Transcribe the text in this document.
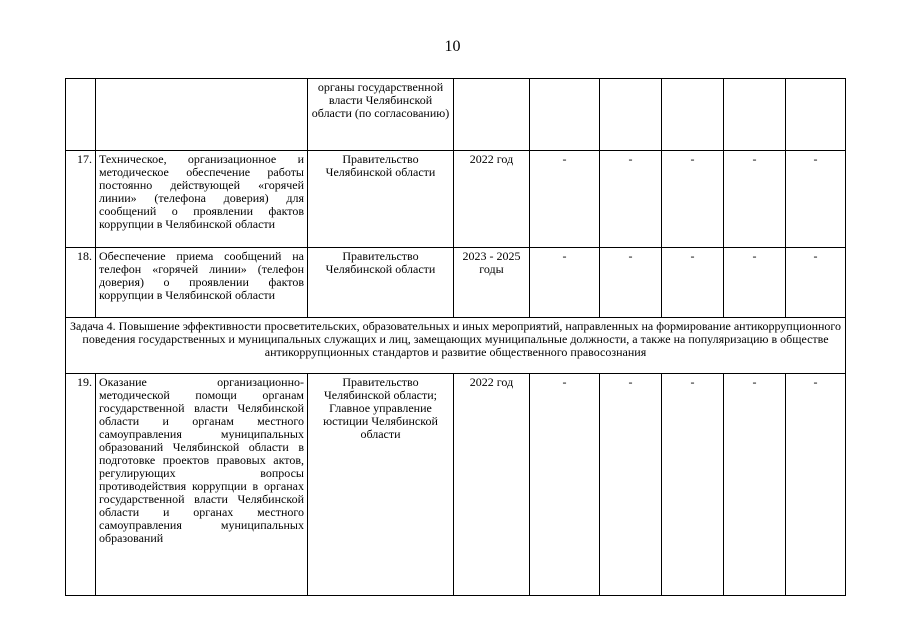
10
		органы государственной власти Челябинской области (по согласованию)						
17.	Техническое, организационное и методическое обеспечение работы постоянно действующей «горячей линии» (телефона доверия) для сообщений о проявлении фактов коррупции в Челябинской области	Правительство Челябинской области	2022 год	-	-	-	-	-
18.	Обеспечение приема сообщений на телефон «горячей линии» (телефон доверия) о проявлении фактов коррупции в Челябинской области	Правительство Челябинской области	2023 - 2025 годы	-	-	-	-	-
Задача 4. Повышение эффективности просветительских, образовательных и иных мероприятий, направленных на формирование антикоррупционного поведения государственных и муниципальных служащих и лиц, замещающих муниципальные должности, а также на популяризацию в обществе антикоррупционных стандартов и развитие общественного правосознания								
19.	Оказание организационно-методической помощи органам государственной власти Челябинской области и органам местного самоуправления муниципальных образований Челябинской области в подготовке проектов правовых актов, регулирующих вопросы противодействия коррупции в органах государственной власти Челябинской области и органах местного самоуправления муниципальных образований	Правительство Челябинской области; Главное управление юстиции Челябинской области	2022 год	-	-	-	-	-
